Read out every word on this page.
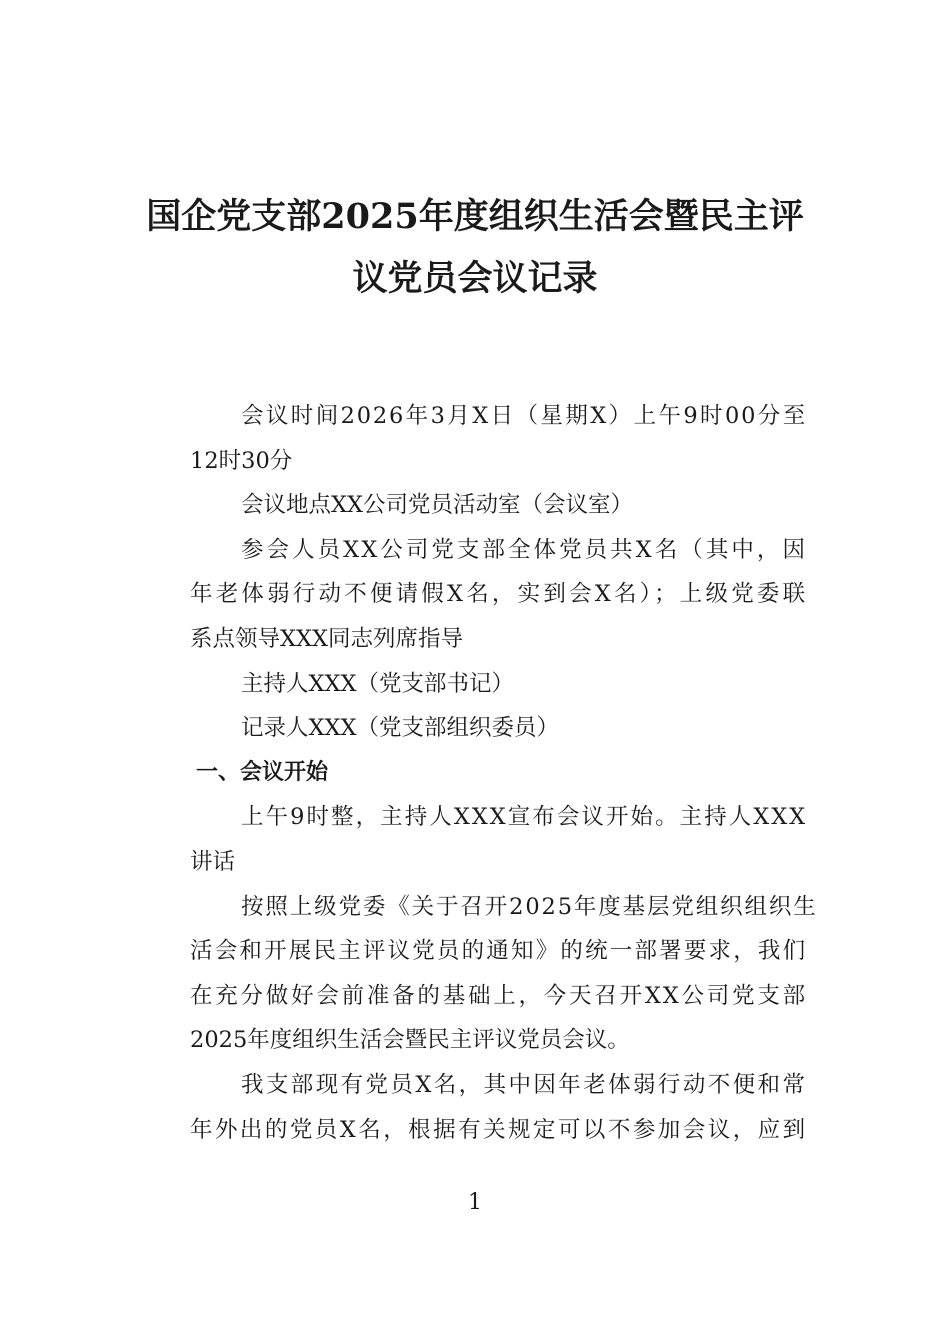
国企党支部2025年度组织生活会暨民主评
议党员会议记录
会议时间2026年3月X日（星期X）上午9时00分至
12时30分
会议地点XX公司党员活动室（会议室）
参会人员XX公司党支部全体党员共X名（其中，因
年老体弱行动不便请假X名，实到会X名）；上级党委联
系点领导XXX同志列席指导
主持人XXX（党支部书记）
记录人XXX（党支部组织委员）
一、会议开始
上午9时整，主持人XXX宣布会议开始。主持人XXX
讲话
按照上级党委《关于召开2025年度基层党组织组织生
活会和开展民主评议党员的通知》的统一部署要求，我们
在充分做好会前准备的基础上，今天召开XX公司党支部
2025年度组织生活会暨民主评议党员会议。
我支部现有党员X名，其中因年老体弱行动不便和常
年外出的党员X名，根据有关规定可以不参加会议，应到
1
